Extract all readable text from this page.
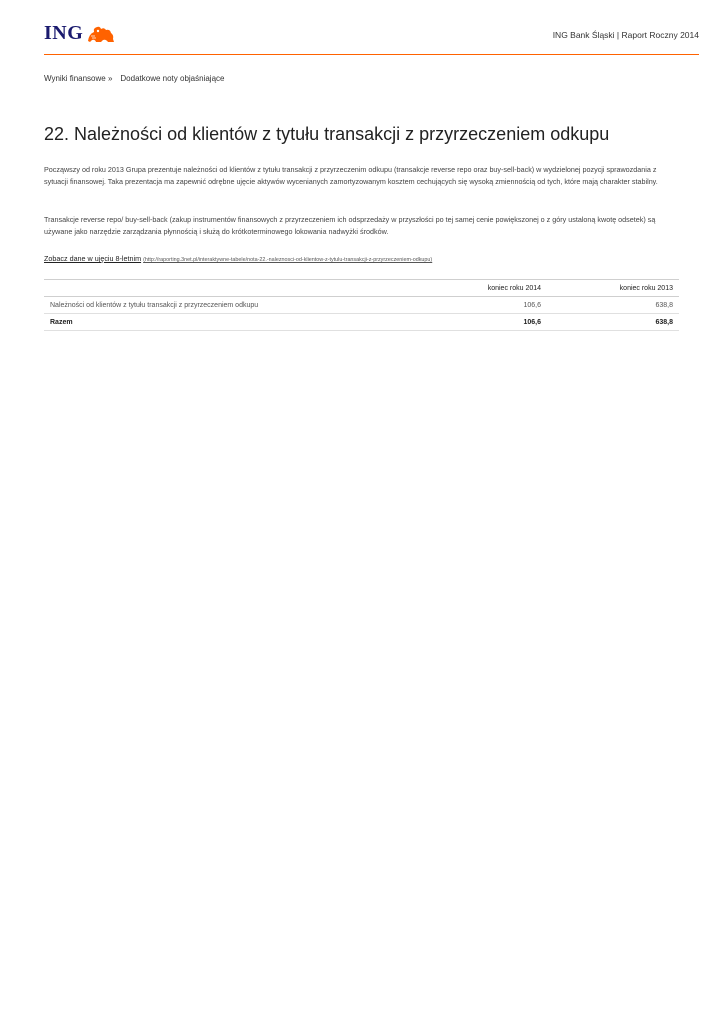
ING	ING Bank Śląski | Raport Roczny 2014
Wyniki finansowe » Dodatkowe noty objaśniające
22. Należności od klientów z tytułu transakcji z przyrzeczeniem odkupu

Począwszy od roku 2013 Grupa prezentuje należności od klientów z tytułu transakcji z przyrzeczenim odkupu (transakcje reverse repo oraz buy-sell-back) w wydzielonej pozycji sprawozdania z sytuacji finansowej. Taka prezentacja ma zapewnić odrębne ujęcie aktywów wycenianych zamortyzowanym kosztem cechujących się wysoką zmiennością od tych, które mają charakter stabilny.

Transakcje reverse repo/ buy-sell-back (zakup instrumentów finansowych z przyrzeczeniem ich odsprzedaży w przyszłości po tej samej cenie powiększonej o z góry ustaloną kwotę odsetek) są używane jako narzędzie zarządzania płynnością i służą do krótkoterminowego lokowania nadwyżki środków.

Zobacz dane w ujęciu 8-letnim (http://raporting.3net.pl/interaktywne-tabele/nota-22.-naleznosci-od-klientow-z-tytulu-transakcji-z-przyrzeczeniem-odkupu)
	koniec roku 2014	koniec roku 2013
Należności od klientów z tytułu transakcji z przyrzeczeniem odkupu	106,6	638,8
Razem	106,6	638,8
